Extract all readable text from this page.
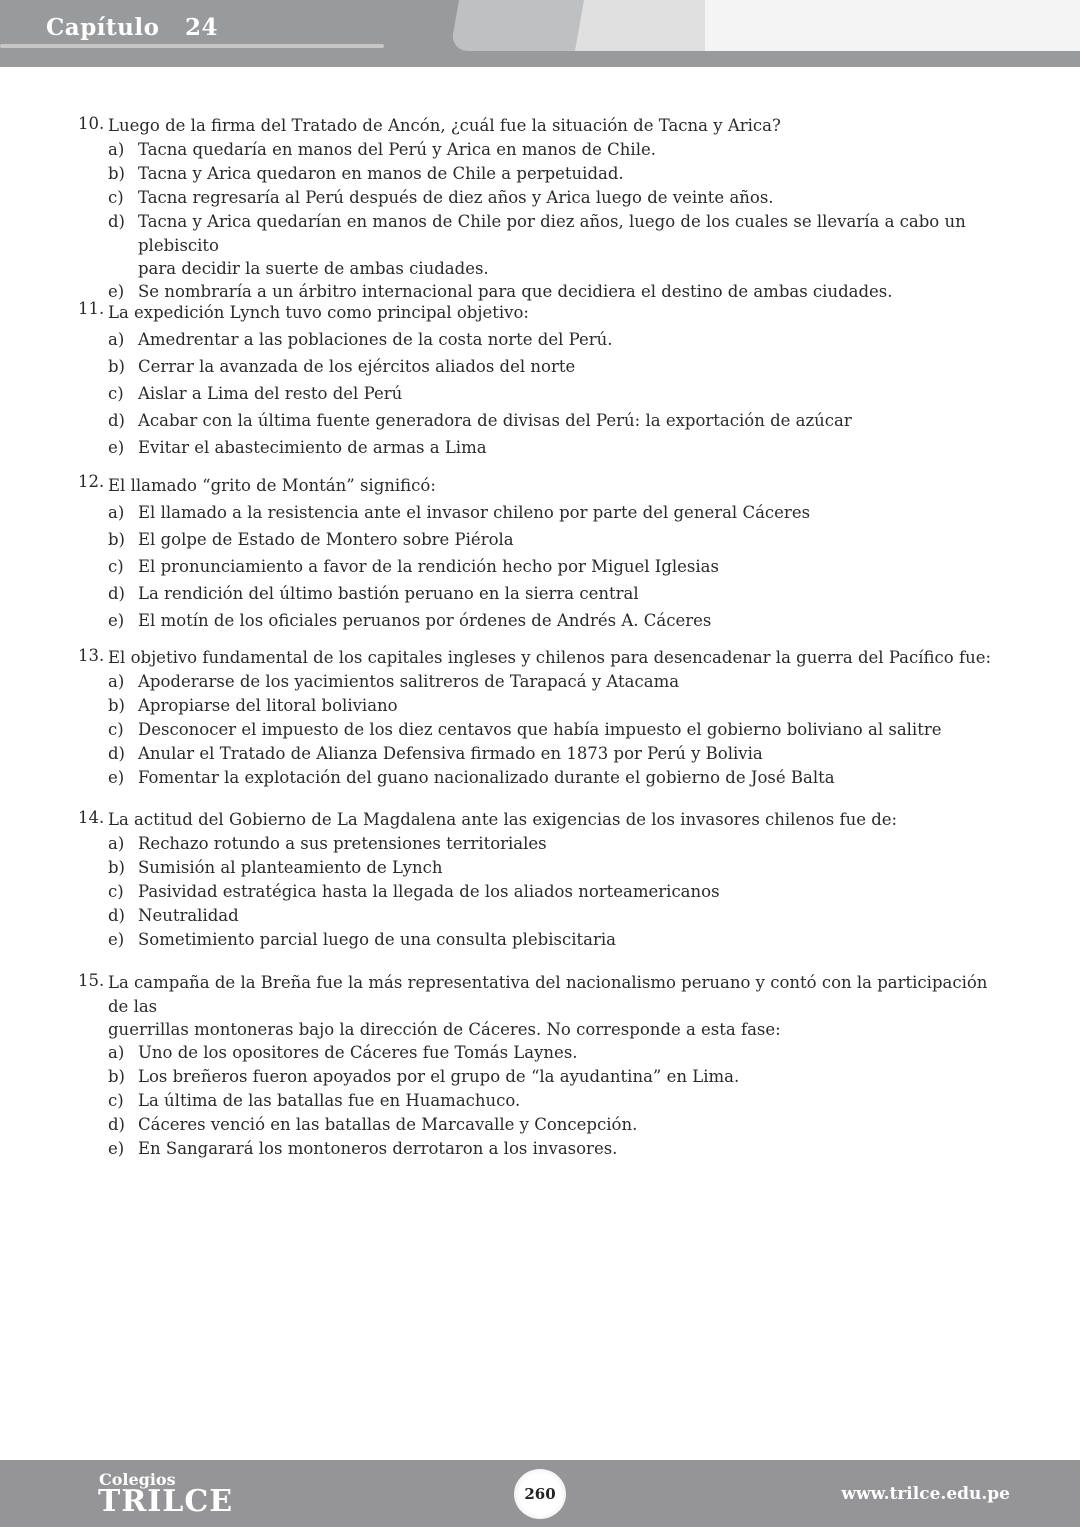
Capítulo   24
10. Luego de la firma del Tratado de Ancón, ¿cuál fue la situación de Tacna y Arica?
a) Tacna quedaría en manos del Perú y Arica en manos de Chile.
b) Tacna y Arica quedaron en manos de Chile a perpetuidad.
c) Tacna regresaría al Perú después de diez años y Arica luego de veinte años.
d) Tacna y Arica quedarían en manos de Chile por diez años, luego de los cuales se llevaría a cabo un plebiscito
para decidir la suerte de ambas ciudades.
e) Se nombraría a un árbitro internacional para que decidiera el destino de ambas ciudades.
11. La expedición Lynch tuvo como principal objetivo:
a) Amedrentar a las poblaciones de la costa norte del Perú.
b) Cerrar la avanzada de los ejércitos aliados del norte
c) Aislar a Lima del resto del Perú
d) Acabar con la última fuente generadora de divisas del Perú: la exportación de azúcar
e) Evitar el abastecimiento de armas a Lima
12. El llamado “grito de Montán” significó:
a) El llamado a la resistencia ante el invasor chileno por parte del general Cáceres
b) El golpe de Estado de Montero sobre Piérola
c) El pronunciamiento a favor de la rendición hecho por Miguel Iglesias
d) La rendición del último bastión peruano en la sierra central
e) El motín de los oficiales peruanos por órdenes de Andrés A. Cáceres
13. El objetivo fundamental de los capitales ingleses y chilenos para desencadenar la guerra del Pacífico fue:
a) Apoderarse de los yacimientos salitreros de Tarapacá y Atacama
b) Apropiarse del litoral boliviano
c) Desconocer el impuesto de los diez centavos que había impuesto el gobierno boliviano al salitre
d) Anular el Tratado de Alianza Defensiva firmado en 1873 por Perú y Bolivia
e) Fomentar la explotación del guano nacionalizado durante el gobierno de José Balta
14. La actitud del Gobierno de La Magdalena ante las exigencias de los invasores chilenos fue de:
a) Rechazo rotundo a sus pretensiones territoriales
b) Sumisión al planteamiento de Lynch
c) Pasividad estratégica hasta la llegada de los aliados norteamericanos
d) Neutralidad
e) Sometimiento parcial luego de una consulta plebiscitaria
15. La campaña de la Breña fue la más representativa del nacionalismo peruano y contó con la participación de las
guerrillas montoneras bajo la dirección de Cáceres. No corresponde a esta fase:
a) Uno de los opositores de Cáceres fue Tomás Laynes.
b) Los breñeros fueron apoyados por el grupo de “la ayudantina” en Lima.
c) La última de las batallas fue en Huamachuco.
d) Cáceres venció en las batallas de Marcavalle y Concepción.
e) En Sangarará los montoneros derrotaron a los invasores.
Colegios
TRILCE	260	www.trilce.edu.pe
